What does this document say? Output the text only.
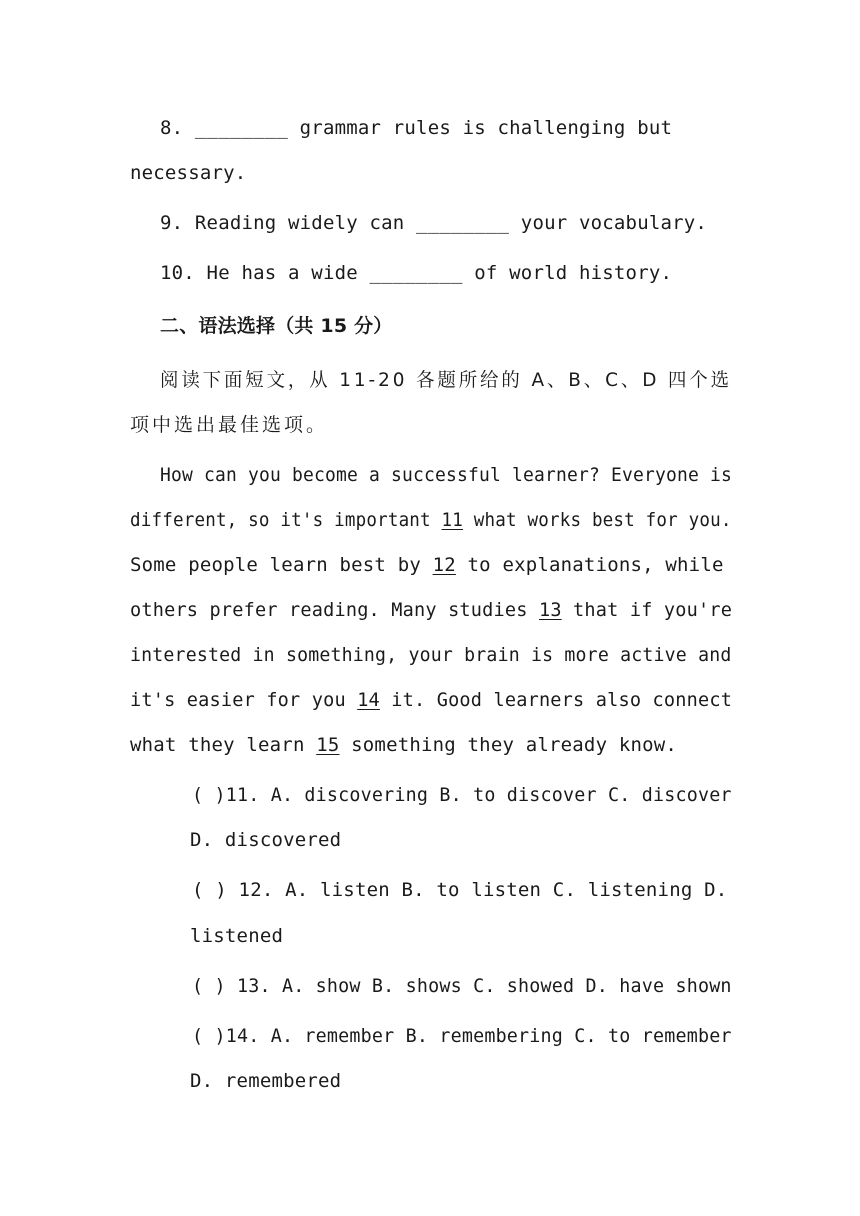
8. ________ grammar rules is challenging but
necessary.
9. Reading widely can ________ your vocabulary.
10. He has a wide ________ of world history.
二、语法选择（共 15 分）
阅读下面短文，从 11-20 各题所给的 A、B、C、D 四个选
项中选出最佳选项。
How can you become a successful learner? Everyone is
different, so it's important 11 what works best for you.
Some people learn best by 12 to explanations, while
others prefer reading. Many studies 13 that if you're
interested in something, your brain is more active and
it's easier for you 14 it. Good learners also connect
what they learn 15 something they already know.
( )11. A. discovering B. to discover C. discover
D. discovered
( ) 12. A. listen B. to listen C. listening D.
listened
( ) 13. A. show B. shows C. showed D. have shown
( )14. A. remember B. remembering C. to remember
D. remembered
